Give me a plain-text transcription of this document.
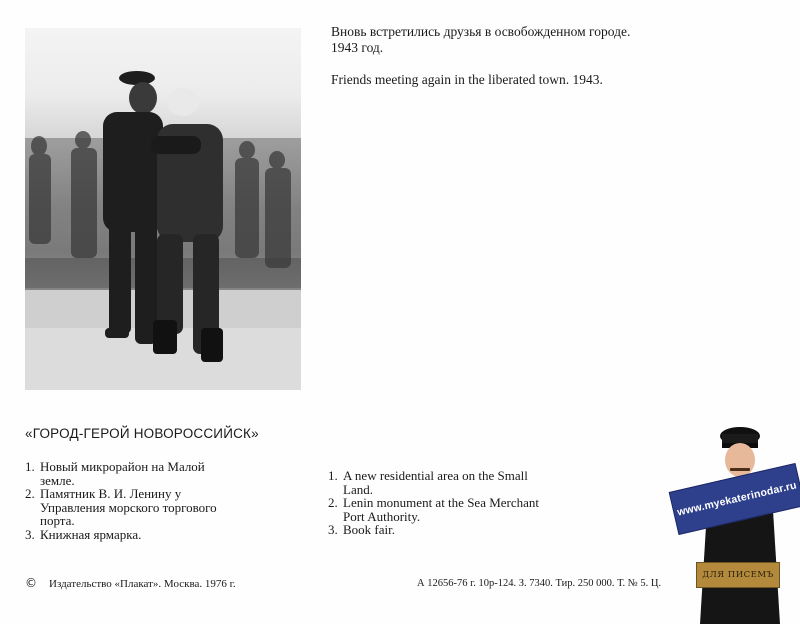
Вновь встретились друзья в освобожденном городе. 1943 год.
Friends meeting again in the liberated town. 1943.
«ГОРОД-ГЕРОЙ НОВОРОССИЙСК»
1. Новый микрорайон на Малой земле.
2. Памятник В. И. Ленину у Управления морского торгового порта.
3. Книжная ярмарка.
1. A new residential area on the Small Land.
2. Lenin monument at the Sea Merchant Port Authority.
3. Book fair.
© Издательство «Плакат». Москва. 1976 г.	А 12656-76 г. 10р-124. З. 7340. Тир. 250 000. Т. № 5. Ц.
www.myekaterinodar.ru
ДЛЯ ПИСЕМЪ
